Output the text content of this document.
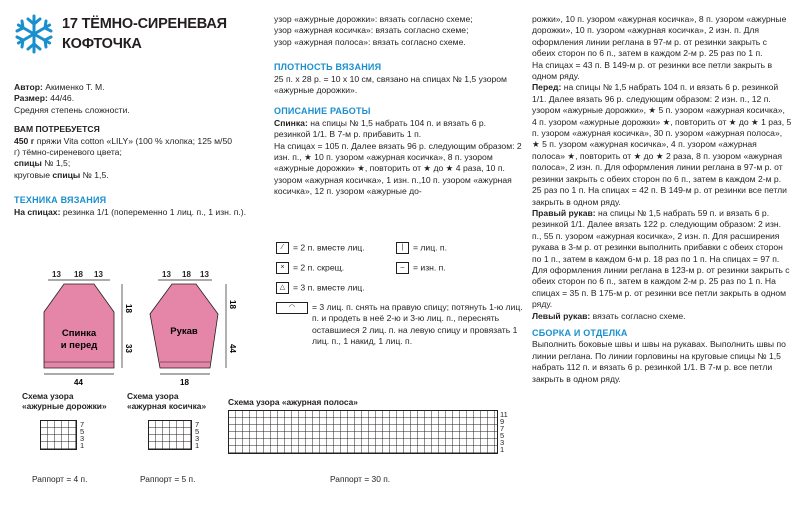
17 ТЁМНО-СИРЕНЕВАЯ
КОФТОЧКА

Автор: Акименко Т. М.

Размер: 44/46.

Средняя степень сложности.

ВАМ ПОТРЕБУЕТСЯ

450 г пряжи Vita cotton «LILY» (100 % хлопка; 125 м/50 г) тёмно-сиреневого цвета;

спицы № 1,5;

круговые спицы № 1,5.

ТЕХНИКА ВЯЗАНИЯ

На спицах: резинка 1/1 (попеременно 1 лиц. п., 1 изн. п.).

13 18 13	13 18 13
Спинка
и перед
18
33
44
Рукав
18
44
18
Схема узора
«ажурные дорожки»
7
5
3
1
Раппорт = 4 п.
Схема узора
«ажурная косичка»
7
5
3
1
Раппорт = 5 п.
Схема узора «ажурная полоса»
11
9
7
5
3
1
Раппорт = 30 п.

узор «ажурные дорожки»: вязать согласно схеме;

узор «ажурная косичка»: вязать согласно схеме;

узор «ажурная полоса»: вязать согласно схеме.

ПЛОТНОСТЬ ВЯЗАНИЯ

25 п. х 28 р. = 10 х 10 см, связано на спицах № 1,5 узором «ажурные дорожки».

ОПИСАНИЕ РАБОТЫ

Спинка: на спицы № 1,5 набрать 104 п. и вязать 6 р. резинкой 1/1. В 7-м р. прибавить 1 п.

На спицах = 105 п. Далее вязать 96 р. следующим образом: 2 изн. п., ★ 10 п. узором «ажурная косичка», 8 п. узором «ажурные дорожки» ★, повторить от ★ до ★ 4 раза, 10 п. узором «ажурная косичка», 1 изн. п.,10 п. узором «ажурная косичка», 12 п. узором «ажурные до-

⁄ = 2 п. вместе лиц.	| = лиц. п.
× = 2 п. скрещ.	– = изн. п.
△ = 3 п. вместе лиц.
◠	= 3 лиц. п. снять на правую спицу; потянуть 1-ю лиц. п. и продеть в неё 2-ю и 3-ю лиц. п., переснять оставшиеся 2 лиц. п. на левую спицу и провязать 1 лиц. п., 1 накид, 1 лиц. п.

рожки», 10 п. узором «ажурная косичка», 8 п. узором «ажурные дорожки», 10 п. узором «ажурная косичка», 2 изн. п. Для оформления линии реглана в 97-м р. от резинки закрыть с обеих сторон по 6 п., затем в каждом 2-м р. 25 раз по 1 п.

На спицах = 43 п. В 149-м р. от резинки все петли закрыть в одном ряду.

Перед: на спицы № 1,5 набрать 104 п. и вязать 6 р. резинкой 1/1. Далее вязать 96 р. следующим образом: 2 изн. п., 12 п. узором «ажурные дорожки», ★ 5 п. узором «ажурная косичка», 4 п. узором «ажурные дорожки» ★, повторить от ★ до ★ 1 раз, 5 п. узором «ажурная косичка», 30 п. узором «ажурная полоса», ★ 5 п. узором «ажурная косичка», 4 п. узором «ажурная полоса» ★, повторить от ★ до ★ 2 раза, 8 п. узором «ажурная полоса», 2 изн. п. Для оформления линии реглана в 97-м р. от резинки закрыть с обеих сторон по 6 п., затем в каждом 2-м р. 25 раз по 1 п. На спицах = 42 п. В 149-м р. от резинки все петли закрыть в одном ряду.

Правый рукав: на спицы № 1,5 набрать 59 п. и вязать 6 р. резинкой 1/1. Далее вязать 122 р. следующим образом: 2 изн. п., 55 п. узором «ажурная косичка», 2 изн. п. Для расширения рукава в 3-м р. от резинки выполнить прибавки с обеих сторон по 1 п., затем в каждом 6-м р. 18 раз по 1 п. На спицах = 97 п. Для оформления линии реглана в 123-м р. от резинки закрыть с обеих сторон по 6 п., затем в каждом 2-м р. 25 раз по 1 п. На спицах = 35 п. В 175-м р. от резинки все петли закрыть в одном ряду.

Левый рукав: вязать согласно схеме.

СБОРКА И ОТДЕЛКА

Выполнить боковые швы и швы на рукавах. Выполнить швы по линии реглана. По линии горловины на круговые спицы № 1,5 набрать 112 п. и вязать 6 р. резинкой 1/1. В 7-м р. все петли закрыть в одном ряду.
